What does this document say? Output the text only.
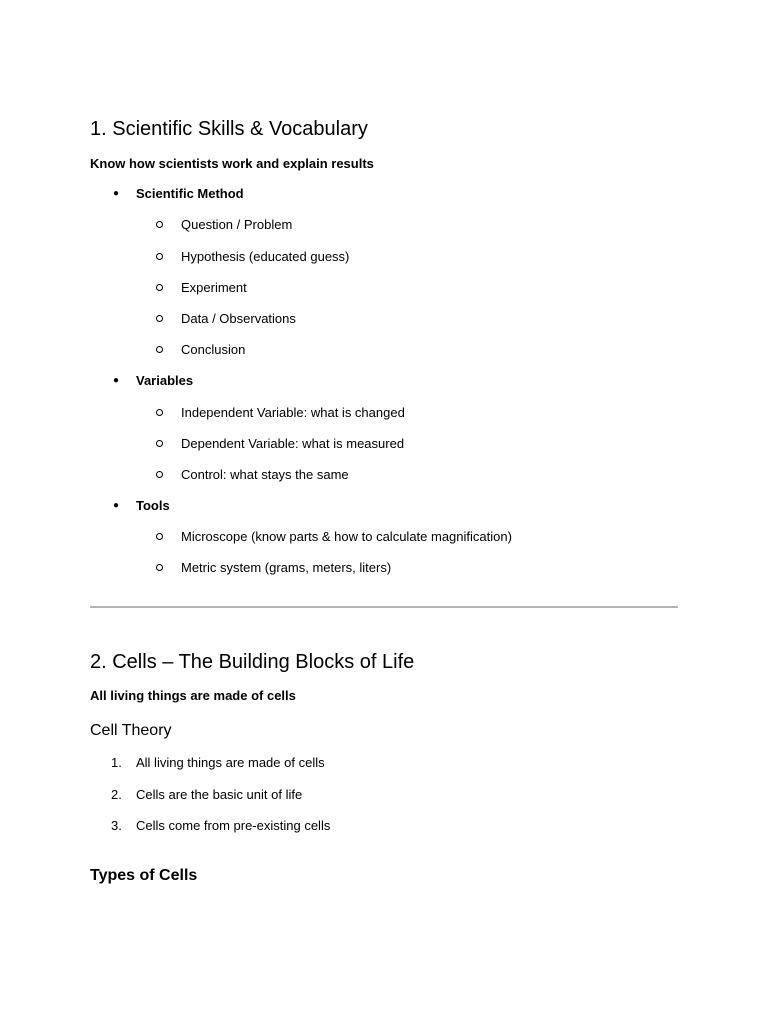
1. Scientific Skills & Vocabulary
Know how scientists work and explain results
● Scientific Method
Question / Problem
Hypothesis (educated guess)
Experiment
Data / Observations
Conclusion
● Variables
Independent Variable: what is changed
Dependent Variable: what is measured
Control: what stays the same
● Tools
Microscope (know parts & how to calculate magnification)
Metric system (grams, meters, liters)
2. Cells – The Building Blocks of Life
All living things are made of cells
Cell Theory
1. All living things are made of cells
2. Cells are the basic unit of life
3. Cells come from pre-existing cells
Types of Cells
